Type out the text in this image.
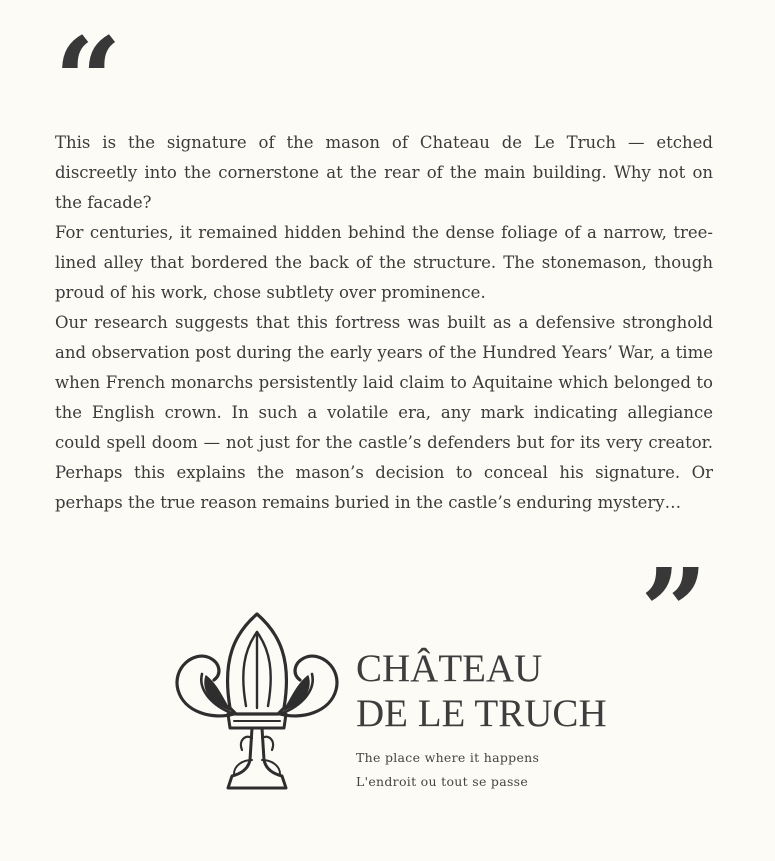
“

This is the signature of the mason of Chateau de Le Truch — etched discreetly into the cornerstone at the rear of the main building. Why not on the facade?

For centuries, it remained hidden behind the dense foliage of a narrow, tree-lined alley that bordered the back of the structure. The stonemason, though proud of his work, chose subtlety over prominence.

Our research suggests that this fortress was built as a defensive stronghold and observation post during the early years of the Hundred Years’ War, a time when French monarchs persistently laid claim to Aquitaine which belonged to the English crown. In such a volatile era, any mark indicating allegiance could spell doom — not just for the castle’s defenders but for its very creator. Perhaps this explains the mason’s decision to conceal his signature. Or perhaps the true reason remains buried in the castle’s enduring mystery…

”
CHÂTEAU
DE LE TRUCH
The place where it happens
L'endroit ou tout se passe
